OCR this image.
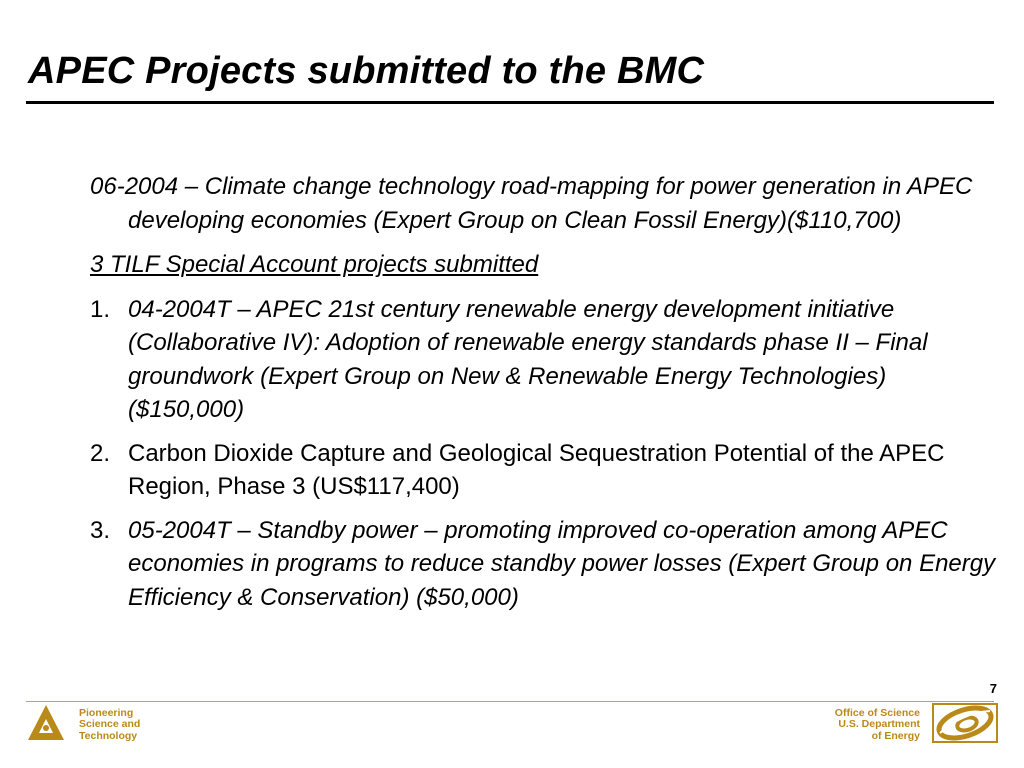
APEC Projects submitted to the BMC

06-2004 – Climate change technology road-mapping for power generation in APEC developing economies (Expert Group on Clean Fossil Energy)($110,700)

3 TILF Special Account projects submitted

1. 04-2004T – APEC 21st century renewable energy development initiative (Collaborative IV): Adoption of renewable energy standards phase II – Final groundwork (Expert Group on New & Renewable Energy Technologies) ($150,000)
2. Carbon Dioxide Capture and Geological Sequestration Potential of the APEC Region, Phase 3 (US$117,400)
3. 05-2004T – Standby power – promoting improved co-operation among APEC economies in programs to reduce standby power losses (Expert Group on Energy Efficiency & Conservation) ($50,000)
7
Pioneering
Science and
Technology
Office of Science
U.S. Department
of Energy
